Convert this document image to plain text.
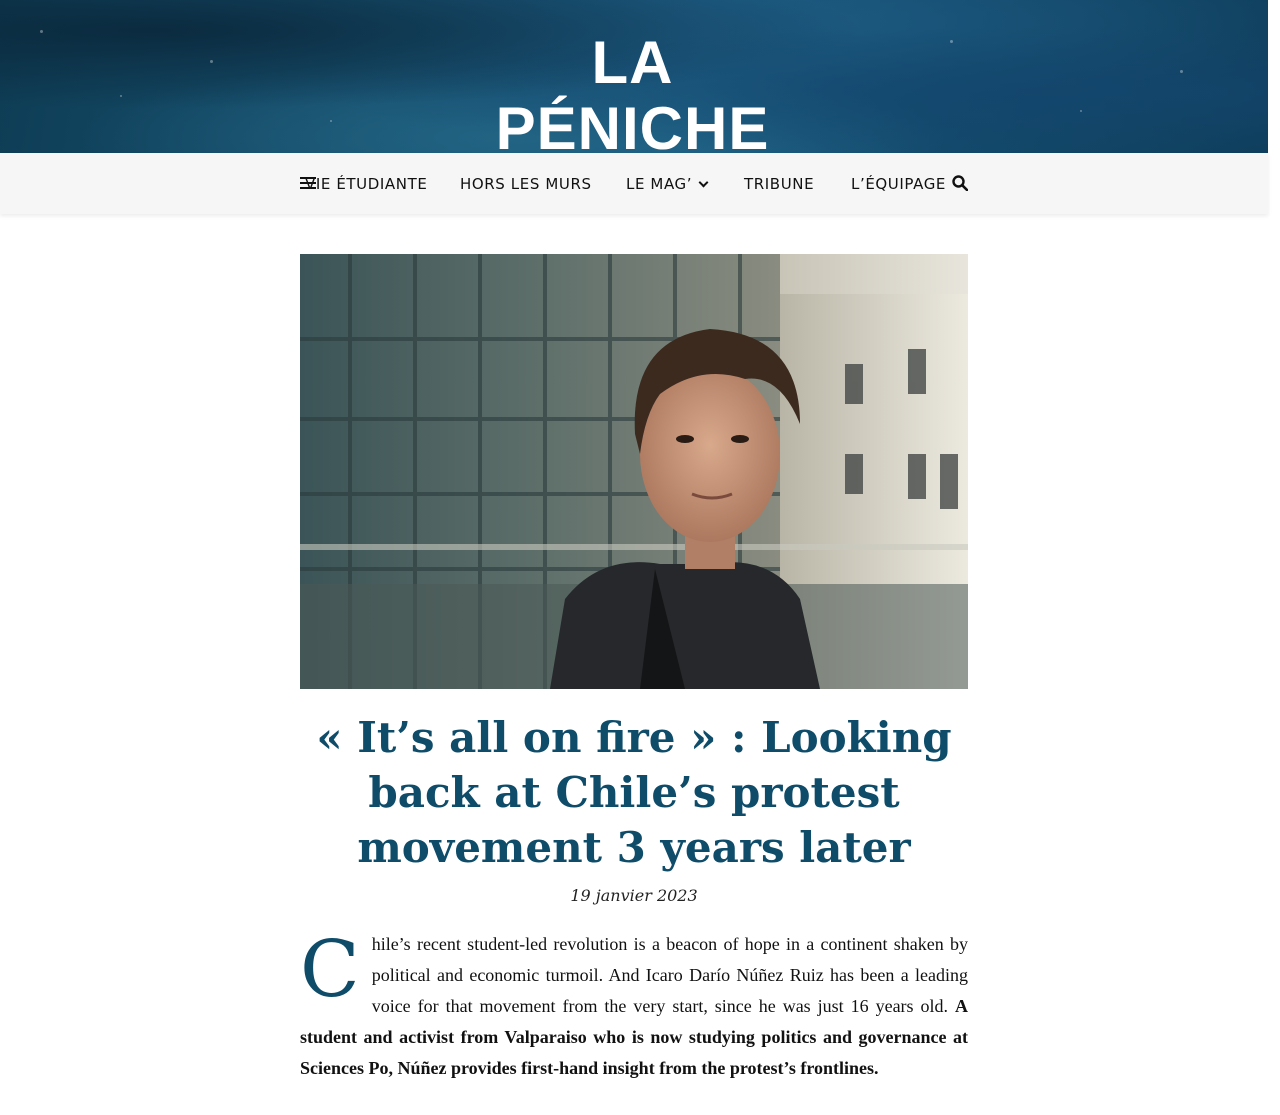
LA PÉNICHE
VIE ÉTUDIANTE HORS LES MURS LE MAG’	TRIBUNE L’ÉQUIPAGE
« It’s all on fire » : Looking back at Chile’s protest movement 3 years later
19 janvier 2023
Chile’s recent student-led revolution is a beacon of hope in a continent shaken by political and economic turmoil. And Icaro Darío Núñez Ruiz has been a leading voice for that movement from the very start, since he was just 16 years old. A student and activist from Valparaiso who is now studying politics and governance at Sciences Po, Núñez provides first-hand insight from the protest’s frontlines.
